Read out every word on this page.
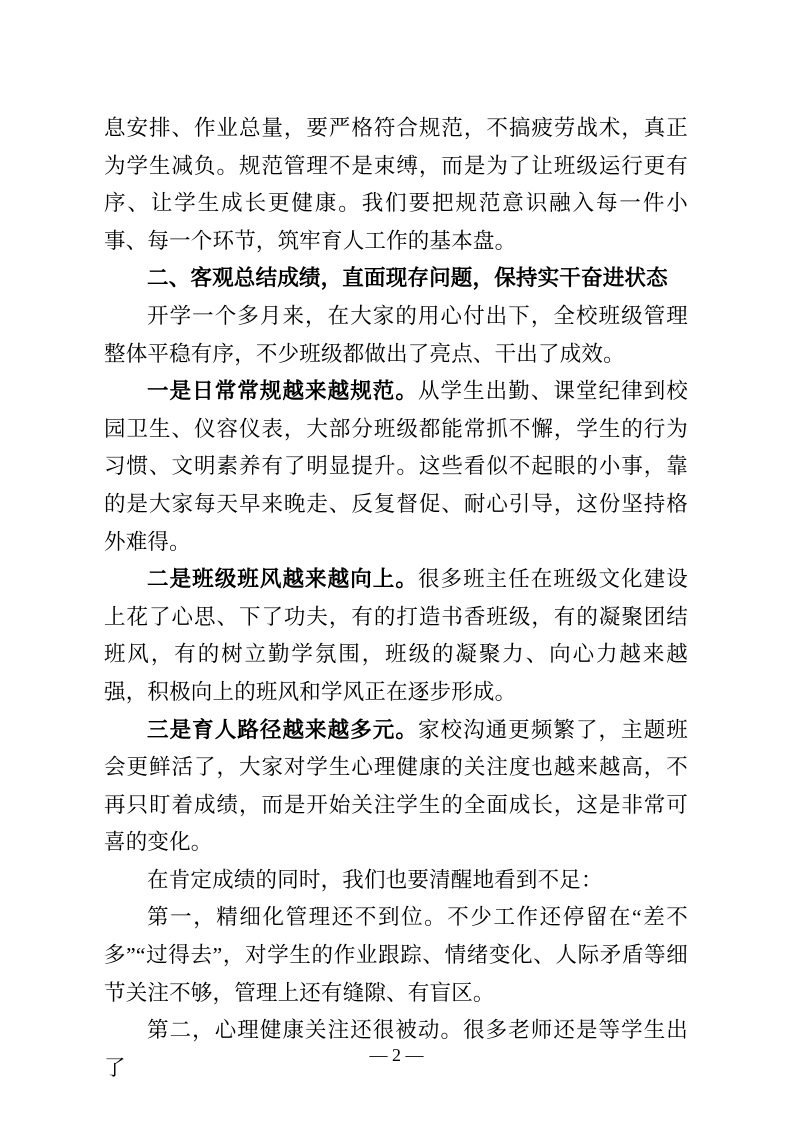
息安排、作业总量，要严格符合规范，不搞疲劳战术，真正为学生减负。规范管理不是束缚，而是为了让班级运行更有序、让学生成长更健康。我们要把规范意识融入每一件小事、每一个环节，筑牢育人工作的基本盘。

二、客观总结成绩，直面现存问题，保持实干奋进状态

开学一个多月来，在大家的用心付出下，全校班级管理整体平稳有序，不少班级都做出了亮点、干出了成效。

一是日常常规越来越规范。从学生出勤、课堂纪律到校园卫生、仪容仪表，大部分班级都能常抓不懈，学生的行为习惯、文明素养有了明显提升。这些看似不起眼的小事，靠的是大家每天早来晚走、反复督促、耐心引导，这份坚持格外难得。

二是班级班风越来越向上。很多班主任在班级文化建设上花了心思、下了功夫，有的打造书香班级，有的凝聚团结班风，有的树立勤学氛围，班级的凝聚力、向心力越来越强，积极向上的班风和学风正在逐步形成。

三是育人路径越来越多元。家校沟通更频繁了，主题班会更鲜活了，大家对学生心理健康的关注度也越来越高，不再只盯着成绩，而是开始关注学生的全面成长，这是非常可喜的变化。

在肯定成绩的同时，我们也要清醒地看到不足：

第一，精细化管理还不到位。不少工作还停留在“差不多”“过得去”，对学生的作业跟踪、情绪变化、人际矛盾等细节关注不够，管理上还有缝隙、有盲区。

第二，心理健康关注还很被动。很多老师还是等学生出了

— 2 —
